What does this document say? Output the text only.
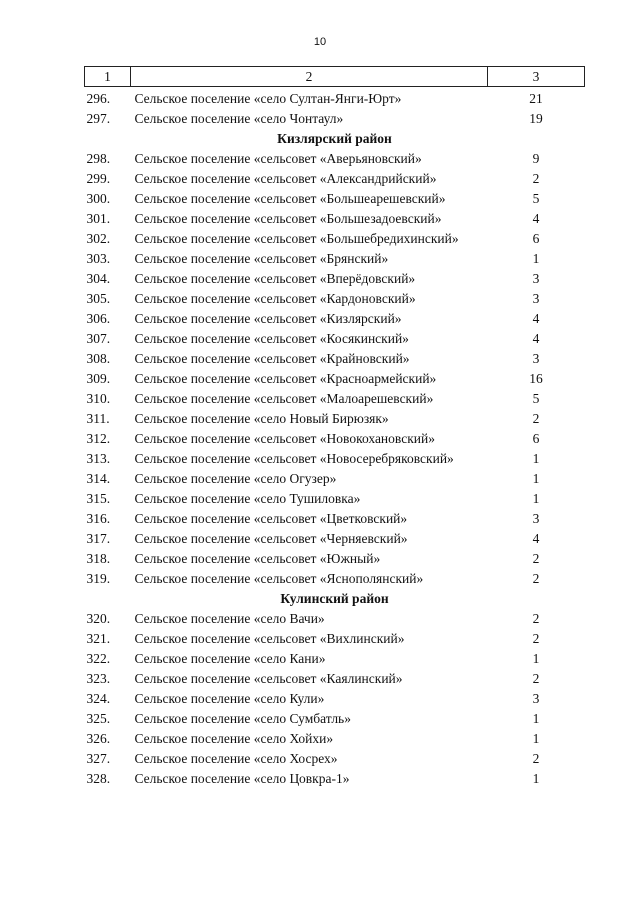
10
1	2	3
296.	Сельское поселение «село Султан-Янги-Юрт»	21
297.	Сельское поселение «село Чонтаул»	19
Кизлярский район		
298.	Сельское поселение «сельсовет «Аверьяновский»	9
299.	Сельское поселение «сельсовет «Александрийский»	2
300.	Сельское поселение «сельсовет «Большеарешевский»	5
301.	Сельское поселение «сельсовет «Большезадоевский»	4
302.	Сельское поселение «сельсовет «Большебредихинский»	6
303.	Сельское поселение «сельсовет «Брянский»	1
304.	Сельское поселение «сельсовет «Вперёдовский»	3
305.	Сельское поселение «сельсовет «Кардоновский»	3
306.	Сельское поселение «сельсовет «Кизлярский»	4
307.	Сельское поселение «сельсовет «Косякинский»	4
308.	Сельское поселение «сельсовет «Крайновский»	3
309.	Сельское поселение «сельсовет «Красноармейский»	16
310.	Сельское поселение «сельсовет «Малоарешевский»	5
311.	Сельское поселение «село Новый Бирюзяк»	2
312.	Сельское поселение «сельсовет «Новокохановский»	6
313.	Сельское поселение «сельсовет «Новосеребряковский»	1
314.	Сельское поселение «село Огузер»	1
315.	Сельское поселение «село Тушиловка»	1
316.	Сельское поселение «сельсовет «Цветковский»	3
317.	Сельское поселение «сельсовет «Черняевский»	4
318.	Сельское поселение «сельсовет «Южный»	2
319.	Сельское поселение «сельсовет «Яснополянский»	2
Кулинский район		
320.	Сельское поселение «село Вачи»	2
321.	Сельское поселение «сельсовет «Вихлинский»	2
322.	Сельское поселение «село Кани»	1
323.	Сельское поселение «сельсовет «Каялинский»	2
324.	Сельское поселение «село Кули»	3
325.	Сельское поселение «село Сумбатль»	1
326.	Сельское поселение «село Хойхи»	1
327.	Сельское поселение «село Хосрех»	2
328.	Сельское поселение «село Цовкра-1»	1
